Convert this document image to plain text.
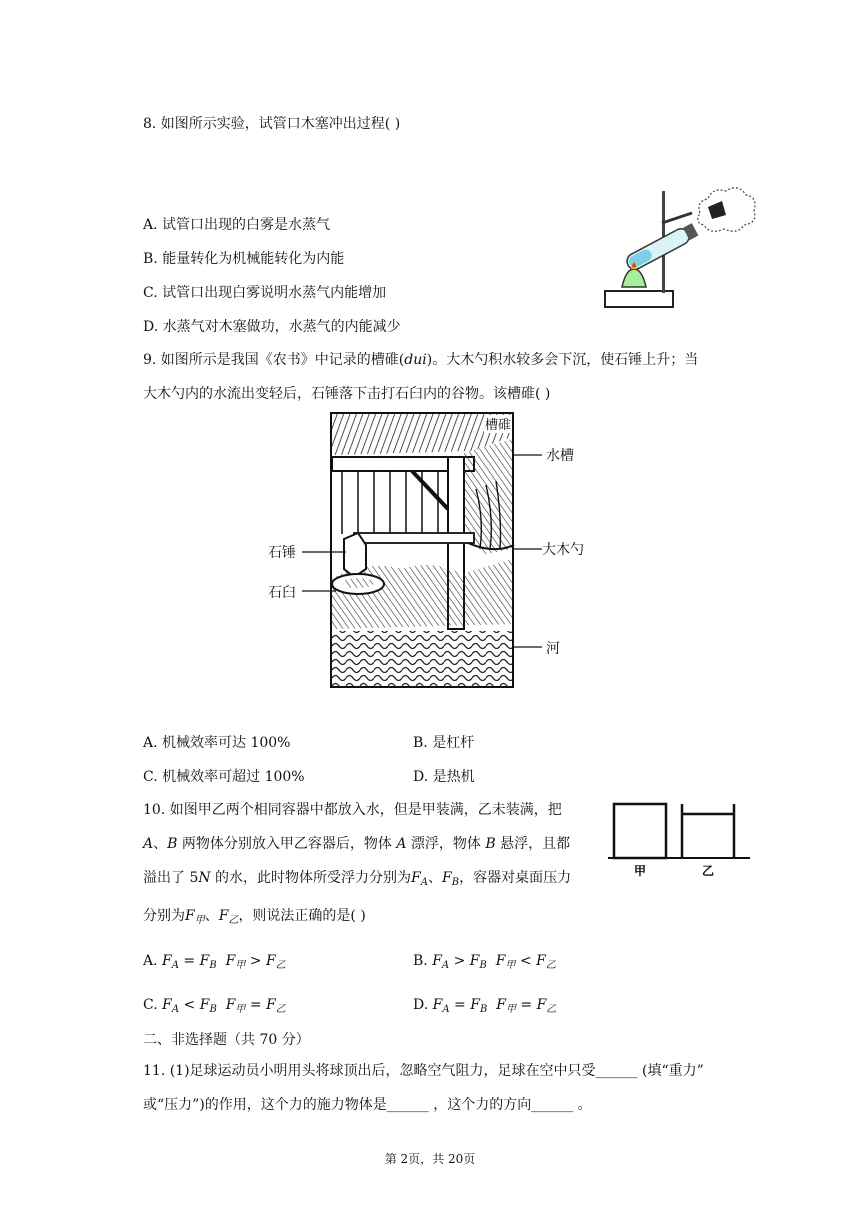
8. 如图所示实验，试管口木塞冲出过程( )
A. 试管口出现的白雾是水蒸气
B. 能量转化为机械能转化为内能
C. 试管口出现白雾说明水蒸气内能增加
D. 水蒸气对木塞做功，水蒸气的内能减少
9. 如图所示是我国《农书》中记录的槽碓(dui)。大木勺积水较多会下沉，使石锤上升；当
大木勺内的水流出变轻后，石锤落下击打石臼内的谷物。该槽碓( )
槽碓
石锤
石臼
水槽
大木勺
河
A. 机械效率可达 100%	B. 是杠杆
C. 机械效率可超过 100%	D. 是热机
10. 如图甲乙两个相同容器中都放入水，但是甲装满，乙未装满，把
A、B 两物体分别放入甲乙容器后，物体 A 漂浮，物体 B 悬浮，且都
溢出了 5N 的水，此时物体所受浮力分别为$F_A$、$F_B$，容器对桌面压力
分别为$F_甲$、$F_乙$，则说法正确的是( )
甲	乙
A. $F_A = F_B$ $F_甲 > F_乙$	B. $F_A > F_B$ $F_甲 < F_乙$
C. $F_A < F_B$ $F_甲 = F_乙$	D. $F_A = F_B$ $F_甲 = F_乙$
二、非选择题（共 70 分）
11. (1)足球运动员小明用头将球顶出后，忽略空气阻力，足球在空中只受______ (填“重力”
或“压力”)的作用，这个力的施力物体是______ ，这个力的方向______ 。
第 2页，共 20页
